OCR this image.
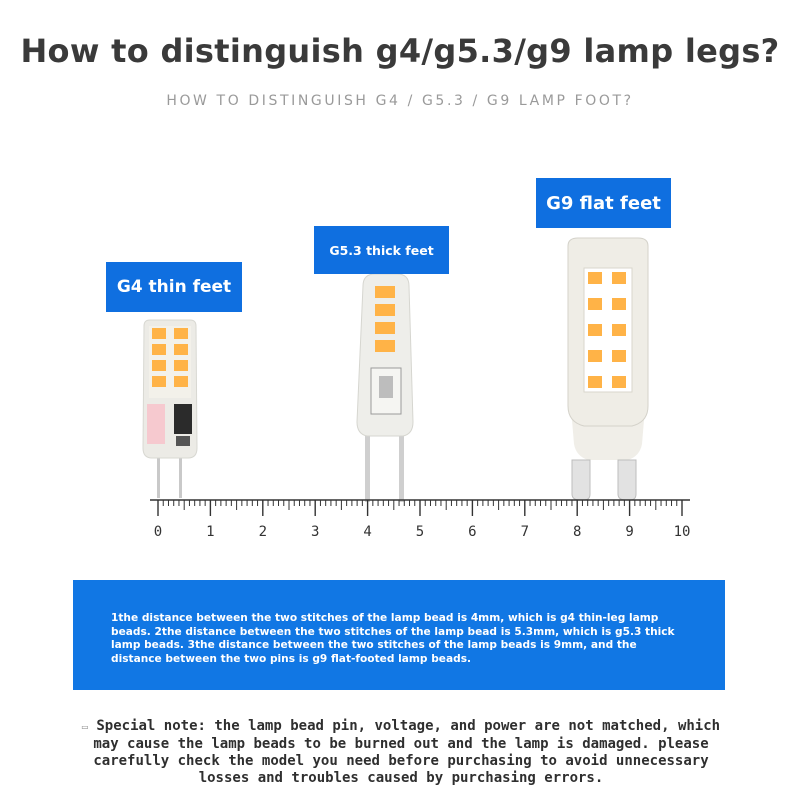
How to distinguish g4/g5.3/g9 lamp legs?
HOW TO DISTINGUISH G4 / G5.3 / G9 LAMP FOOT?
G4 thin feet
G5.3 thick feet
G9 flat feet
0	1	2	3	4	5	6	7	8	9	10
1the distance between the two stitches of the lamp bead is 4mm, which is g4 thin-leg lamp beads. 2the distance between the two stitches of the lamp bead is 5.3mm, which is g5.3 thick lamp beads. 3the distance between the two stitches of the lamp beads is 9mm, and the distance between the two pins is g9 flat-footed lamp beads.
▭ Special note: the lamp bead pin, voltage, and power are not matched, which may cause the lamp beads to be burned out and the lamp is damaged. please carefully check the model you need before purchasing to avoid unnecessary losses and troubles caused by purchasing errors.
